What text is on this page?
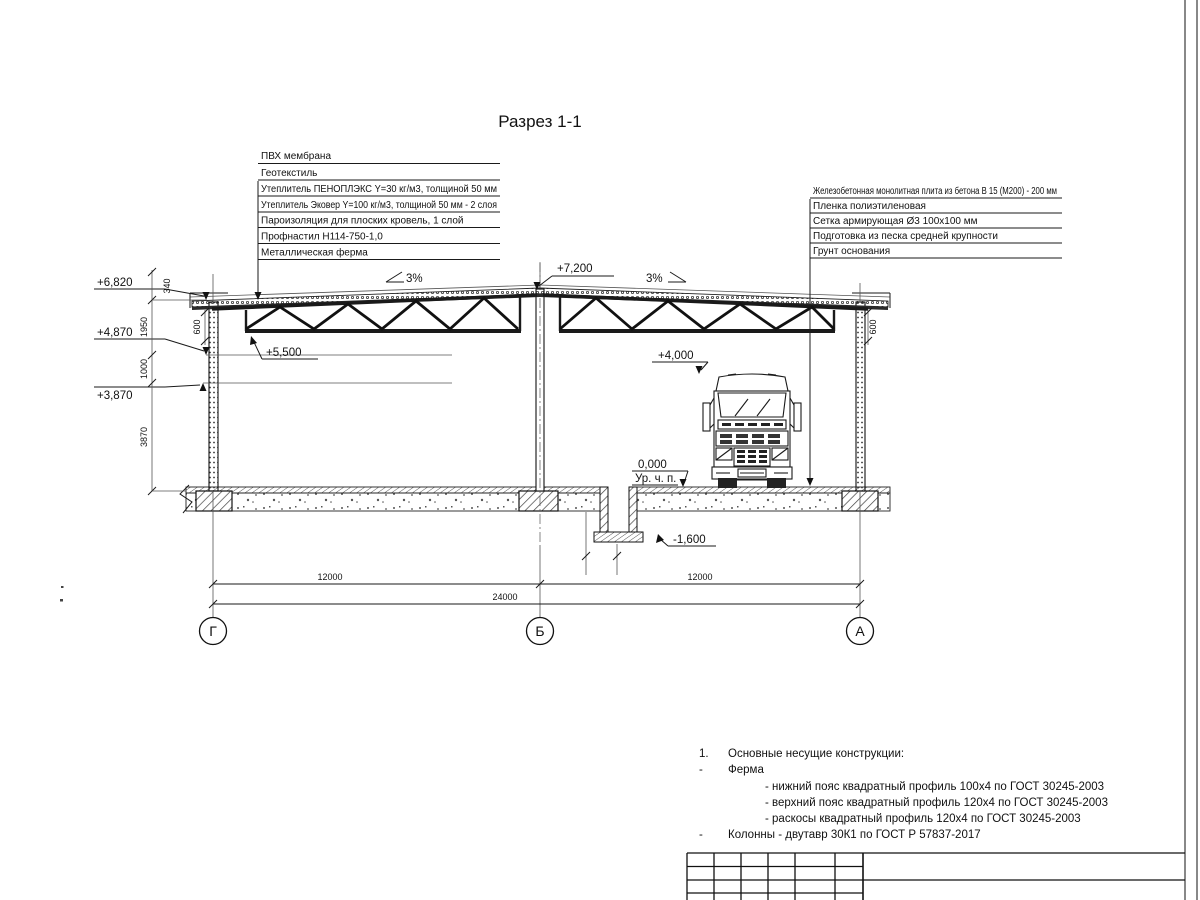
Разрез 1-1
+6,820
+4,870
+3,870
+7,200
+5,500	+4,000
0,000
Ур. ч. п.
-1,600
3%	3%
340
1950
1000
3870
600	600
12000	12000
24000
Г	Б	А
ПВХ мембрана
Геотекстиль
Утеплитель ПЕНОПЛЭКС Y=30 кг/м3, толщиной 50 мм
Утеплитель Эковер Y=100 кг/м3, толщиной 50 мм - 2 слоя
Пароизоляция для плоских кровель, 1 слой
Профнастил Н114-750-1,0
Металлическая ферма
Железобетонная монолитная плита из бетона В 15 (М200) - 200 мм
Пленка полиэтиленовая
Сетка армирующая Ø3 100х100 мм
Подготовка из песка средней крупности
Грунт основания
1. Основные несущие конструкции:
- Ферма
- нижний пояс квадратный профиль 100х4 по ГОСТ 30245-2003
- верхний пояс квадратный профиль 120х4 по ГОСТ 30245-2003
- раскосы квадратный профиль 120х4 по ГОСТ 30245-2003
- Колонны - двутавр 30К1 по ГОСТ Р 57837-2017
